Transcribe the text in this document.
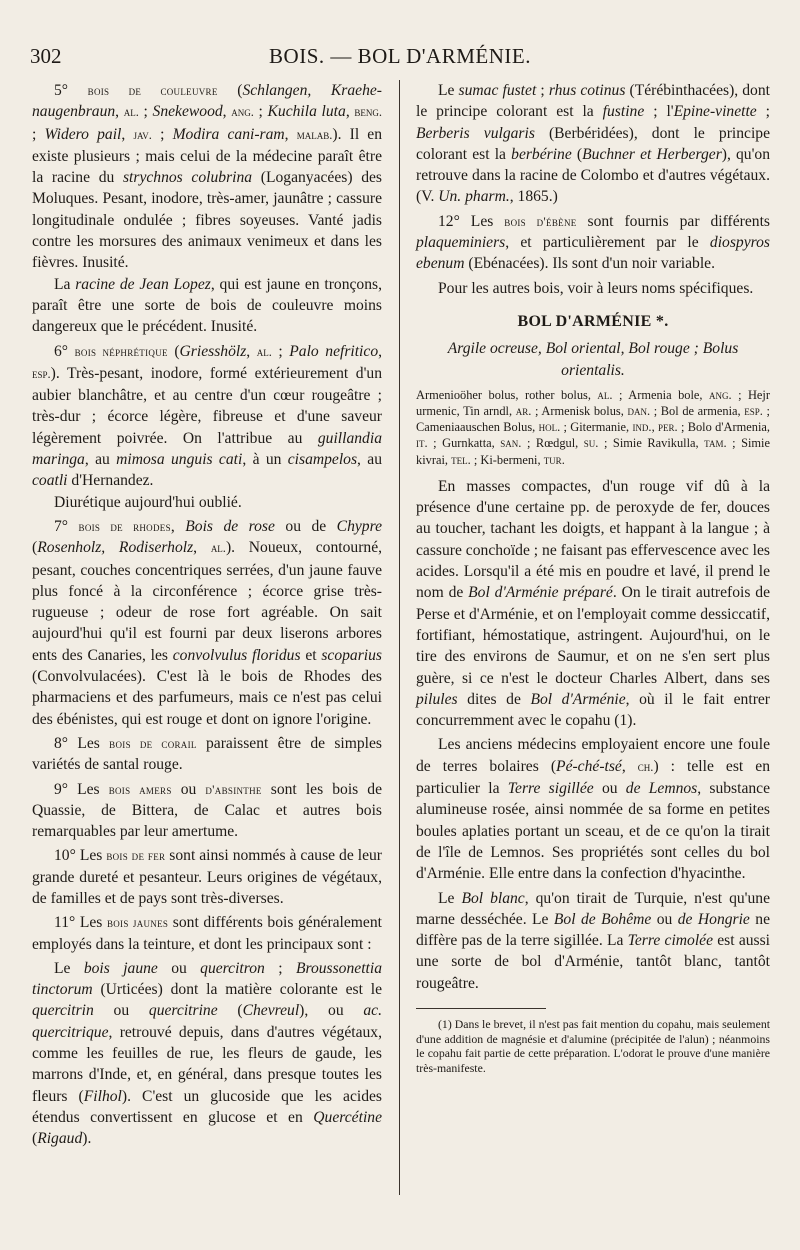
302	BOIS. — BOL D'ARMÉNIE.

5° bois de couleuvre (Schlangen, Kraehe-naugenbraun, al. ; Snekewood, ang. ; Kuchila luta, beng. ; Widero pail, jav. ; Modira cani-ram, malab.). Il en existe plusieurs ; mais celui de la médecine paraît être la racine du strychnos colubrina (Loganyacées) des Moluques. Pesant, inodore, très-amer, jaunâtre ; cassure longitudinale ondulée ; fibres soyeuses. Vanté jadis contre les morsures des animaux venimeux et dans les fièvres. Inusité.

La racine de Jean Lopez, qui est jaune en tronçons, paraît être une sorte de bois de couleuvre moins dangereux que le précédent. Inusité.

6° bois néphrétique (Griesshölz, al. ; Palo nefritico, esp.). Très-pesant, inodore, formé extérieurement d'un aubier blanchâtre, et au centre d'un cœur rougeâtre ; très-dur ; écorce légère, fibreuse et d'une saveur légèrement poivrée. On l'attribue au guillandia maringa, au mimosa unguis cati, à un cisampelos, au coatli d'Hernandez.

Diurétique aujourd'hui oublié.

7° bois de rhodes, Bois de rose ou de Chypre (Rosenholz, Rodiserholz, al.). Noueux, contourné, pesant, couches concentriques serrées, d'un jaune fauve plus foncé à la circonférence ; écorce grise très-rugueuse ; odeur de rose fort agréable. On sait aujourd'hui qu'il est fourni par deux liserons arbores ents des Canaries, les convolvulus floridus et scoparius (Convolvulacées). C'est là le bois de Rhodes des pharmaciens et des parfumeurs, mais ce n'est pas celui des ébénistes, qui est rouge et dont on ignore l'origine.

8° Les bois de corail paraissent être de simples variétés de santal rouge.

9° Les bois amers ou d'absinthe sont les bois de Quassie, de Bittera, de Calac et autres bois remarquables par leur amertume.

10° Les bois de fer sont ainsi nommés à cause de leur grande dureté et pesanteur. Leurs origines de végétaux, de familles et de pays sont très-diverses.

11° Les bois jaunes sont différents bois généralement employés dans la teinture, et dont les principaux sont :

Le bois jaune ou quercitron ; Broussonettia tinctorum (Urticées) dont la matière colorante est le quercitrin ou quercitrine (Chevreul), ou ac. quercitrique, retrouvé depuis, dans d'autres végétaux, comme les feuilles de rue, les fleurs de gaude, les marrons d'Inde, et, en général, dans presque toutes les fleurs (Filhol). C'est un glucoside que les acides étendus convertissent en glucose et en Quercétine (Rigaud).

Le sumac fustet ; rhus cotinus (Térébinthacées), dont le principe colorant est la fustine ; l'Epine-vinette ; Berberis vulgaris (Berbéridées), dont le principe colorant est la berbérine (Buchner et Herberger), qu'on retrouve dans la racine de Colombo et d'autres végétaux. (V. Un. pharm., 1865.)

12° Les bois d'ébène sont fournis par différents plaqueminiers, et particulièrement par le diospyros ebenum (Ebénacées). Ils sont d'un noir variable.

Pour les autres bois, voir à leurs noms spécifiques.

BOL D'ARMÉNIE *.
Argile ocreuse, Bol oriental, Bol rouge ; Bolus orientalis.

Armenioöher bolus, rother bolus, al. ; Armenia bole, ang. ; Hejr urmenic, Tin arndl, ar. ; Armenisk bolus, dan. ; Bol de armenia, esp. ; Cameniaauschen Bolus, hol. ; Gitermanie, ind., per. ; Bolo d'Armenia, it. ; Gurnkatta, san. ; Rœdgul, su. ; Simie Ravikulla, tam. ; Simie kivrai, tel. ; Ki-bermeni, tur.

En masses compactes, d'un rouge vif dû à la présence d'une certaine pp. de peroxyde de fer, douces au toucher, tachant les doigts, et happant à la langue ; à cassure conchoïde ; ne faisant pas effervescence avec les acides. Lorsqu'il a été mis en poudre et lavé, il prend le nom de Bol d'Arménie préparé. On le tirait autrefois de Perse et d'Arménie, et on l'employait comme dessiccatif, fortifiant, hémostatique, astringent. Aujourd'hui, on le tire des environs de Saumur, et on ne s'en sert plus guère, si ce n'est le docteur Charles Albert, dans ses pilules dites de Bol d'Arménie, où il le fait entrer concurremment avec le copahu (1).

Les anciens médecins employaient encore une foule de terres bolaires (Pé-ché-tsé, ch.) : telle est en particulier la Terre sigillée ou de Lemnos, substance alumineuse rosée, ainsi nommée de sa forme en petites boules aplaties portant un sceau, et de ce qu'on la tirait de l'île de Lemnos. Ses propriétés sont celles du bol d'Arménie. Elle entre dans la confection d'hyacinthe.

Le Bol blanc, qu'on tirait de Turquie, n'est qu'une marne desséchée. Le Bol de Bohême ou de Hongrie ne diffère pas de la terre sigillée. La Terre cimolée est aussi une sorte de bol d'Arménie, tantôt blanc, tantôt rougeâtre.

(1) Dans le brevet, il n'est pas fait mention du copahu, mais seulement d'une addition de magnésie et d'alumine (précipitée de l'alun) ; néanmoins le copahu fait partie de cette préparation. L'odorat le prouve d'une manière très-manifeste.
